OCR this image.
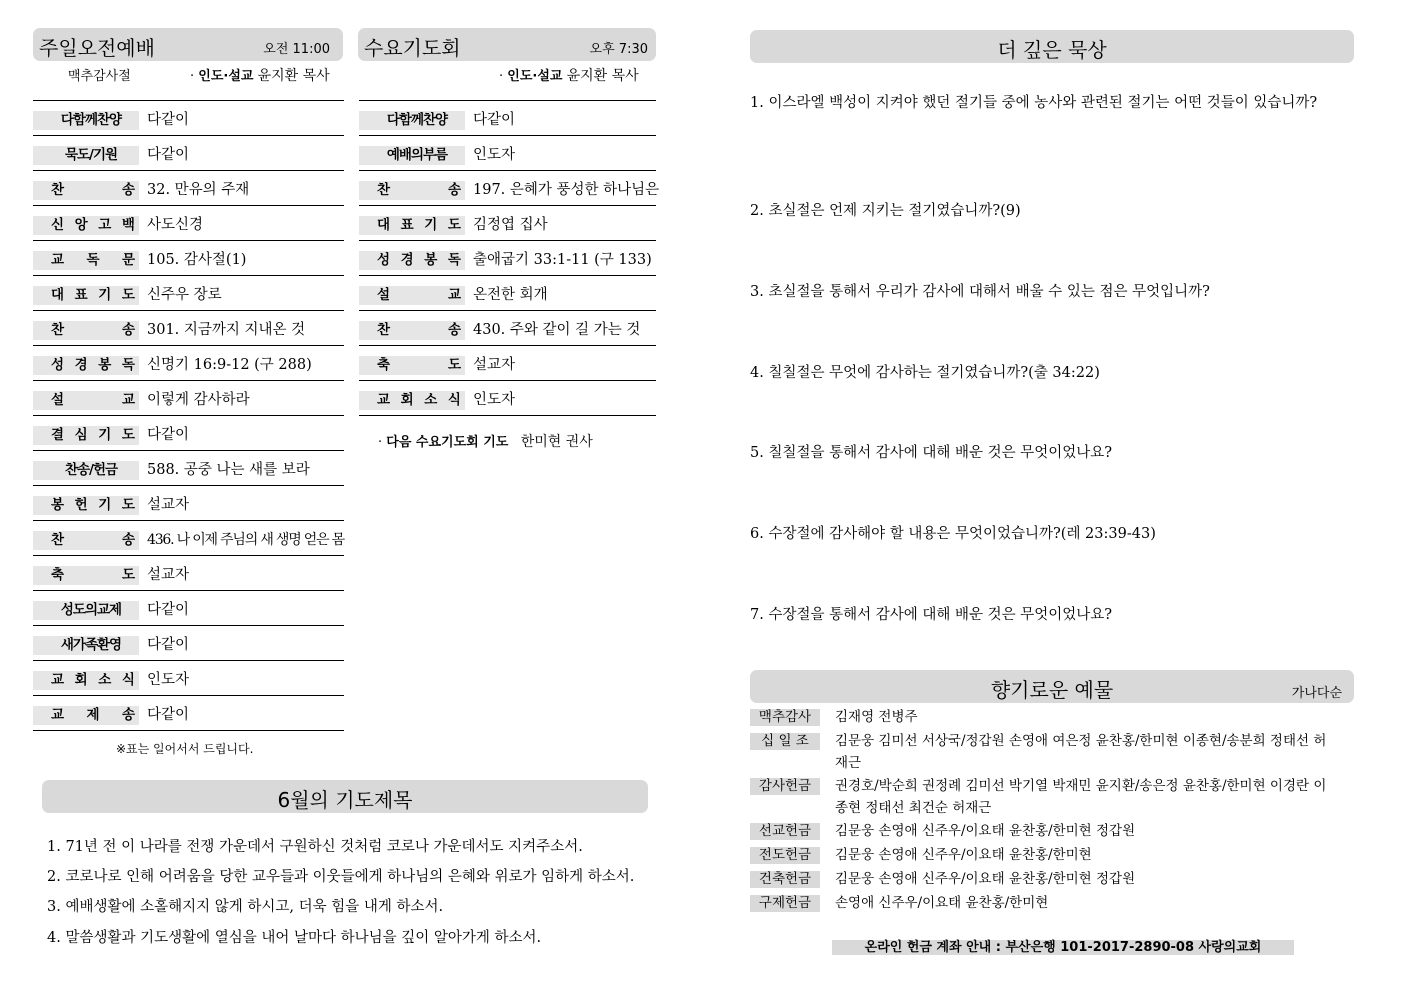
주일오전예배	오전 11:00
맥추감사절	· 인도·설교 윤지환 목사
다함께찬양 다같이
묵도/기원 다같이
찬	송 32. 만유의 주재
신 앙 고 백 사도신경
교 독 문 105. 감사절(1)
대 표 기 도 신주우 장로
찬	송 301. 지금까지 지내온 것
성 경 봉 독 신명기 16:9-12 (구 288)
설	교 이렇게 감사하라
결 심 기 도 다같이
찬송/헌금 588. 공중 나는 새를 보라
봉 헌 기 도 설교자
찬	송 436. 나 이제 주님의 새 생명 얻은 몸
축	도 설교자
성도의교제 다같이
새가족환영 다같이
교 회 소 식 인도자
교 제 송 다같이
※표는 일어서서 드립니다.
수요기도회	오후 7:30
· 인도·설교 윤지환 목사
다함께찬양 다같이
예배의부름 인도자
찬	송 197. 은혜가 풍성한 하나님은
대 표 기 도 김정엽 집사
성 경 봉 독 출애굽기 33:1-11 (구 133)
설	교 온전한 회개
찬	송 430. 주와 같이 길 가는 것
축	도 설교자
교 회 소 식 인도자
· 다음 수요기도회 기도 한미현 권사
6월의 기도제목
1. 71년 전 이 나라를 전쟁 가운데서 구원하신 것처럼 코로나 가운데서도 지켜주소서.
2. 코로나로 인해 어려움을 당한 교우들과 이웃들에게 하나님의 은혜와 위로가 임하게 하소서.
3. 예배생활에 소홀해지지 않게 하시고, 더욱 힘을 내게 하소서.
4. 말씀생활과 기도생활에 열심을 내어 날마다 하나님을 깊이 알아가게 하소서.
더 깊은 묵상
1. 이스라엘 백성이 지켜야 했던 절기들 중에 농사와 관련된 절기는 어떤 것들이 있습니까?
2. 초실절은 언제 지키는 절기였습니까?(9)
3. 초실절을 통해서 우리가 감사에 대해서 배울 수 있는 점은 무엇입니까?
4. 칠칠절은 무엇에 감사하는 절기였습니까?(출 34:22)
5. 칠칠절을 통해서 감사에 대해 배운 것은 무엇이었나요?
6. 수장절에 감사해야 할 내용은 무엇이었습니까?(레 23:39-43)
7. 수장절을 통해서 감사에 대해 배운 것은 무엇이었나요?
향기로운 예물	가나다순
맥추감사	김재영 전병주
십 일 조	김문웅 김미선 서상국/정갑원 손영애 여은정 윤찬홍/한미현 이종현/송분희 정태선 허재근
감사헌금	권경호/박순희 권정례 김미선 박기열 박재민 윤지환/송은정 윤찬홍/한미현 이경란 이종현 정태선 최건순 허재근
선교헌금	김문웅 손영애 신주우/이요태 윤찬홍/한미현 정갑원
전도헌금	김문웅 손영애 신주우/이요태 윤찬홍/한미현
건축헌금	김문웅 손영애 신주우/이요태 윤찬홍/한미현 정갑원
구제헌금	손영애 신주우/이요태 윤찬홍/한미현
온라인 헌금 계좌 안내 : 부산은행 101-2017-2890-08 사랑의교회
